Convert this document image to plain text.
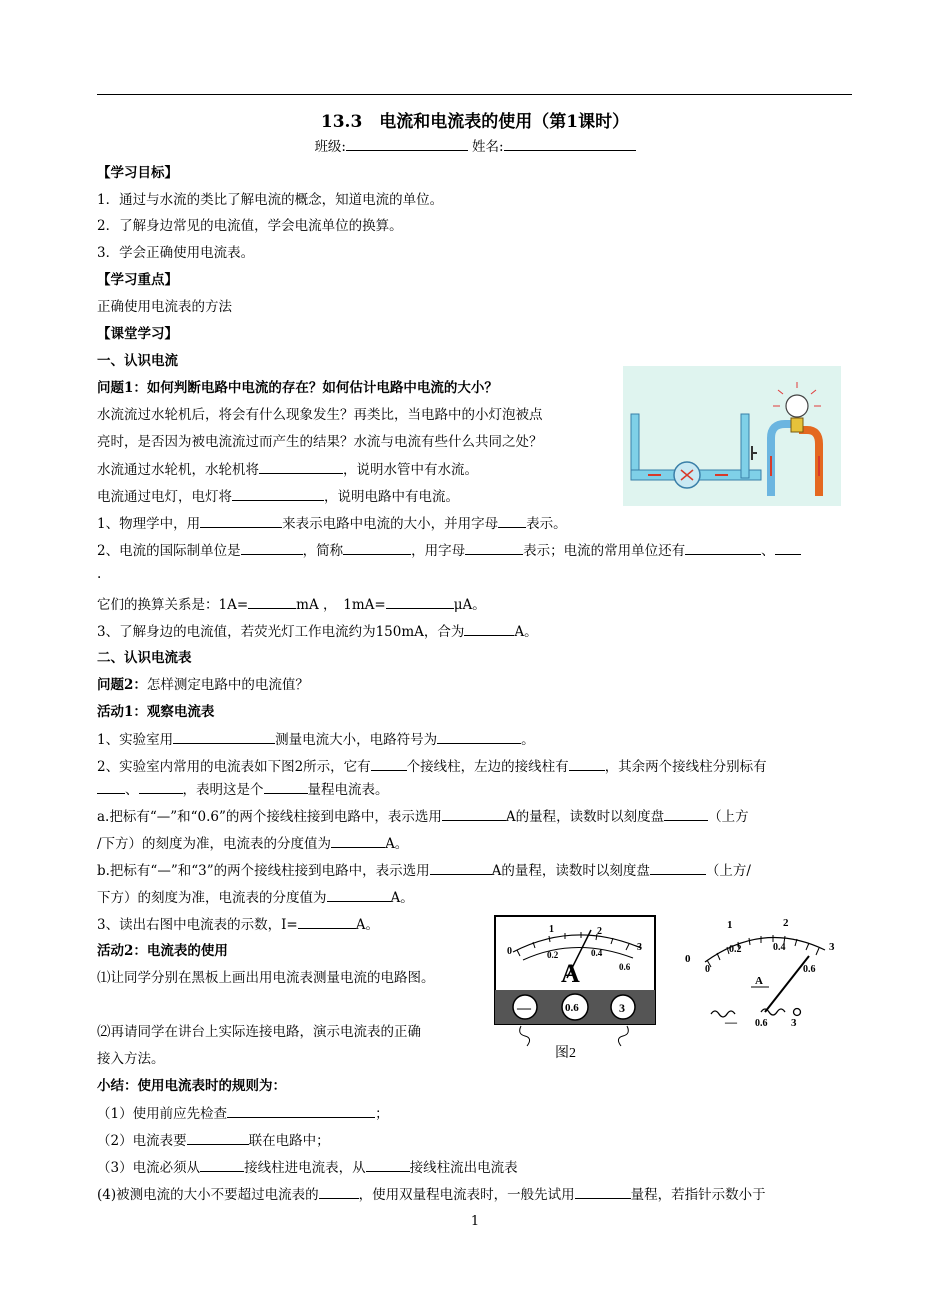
13.3　电流和电流表的使用（第1课时）
班级:	姓名:
【学习目标】
1．通过与水流的类比了解电流的概念，知道电流的单位。
2．了解身边常见的电流值，学会电流单位的换算。
3．学会正确使用电流表。
【学习重点】
正确使用电流表的方法
【课堂学习】
一、认识电流
问题1：如何判断电路中电流的存在？如何估计电路中电流的大小？
水流流过水轮机后，将会有什么现象发生？再类比，当电路中的小灯泡被点
亮时，是否因为被电流流过而产生的结果？水流与电流有些什么共同之处？
水流通过水轮机，水轮机将	，说明水管中有水流。
电流通过电灯，电灯将	，说明电路中有电流。
1、物理学中，用	来表示电路中电流的大小，并用字母 表示。
2、电流的国际制单位是	，简称	，用字母	表示；电流的常用单位还有	、
.
它们的换算关系是：1A=	mA ，　1mA=	μA。
3、了解身边的电流值，若荧光灯工作电流约为150mA，合为	A。
二、认识电流表
问题2：怎样测定电路中的电流值？
活动1：观察电流表
1、实验室用	测量电流大小，电路符号为	。
2、实验室内常用的电流表如下图2所示，它有	个接线柱，左边的接线柱有	，其余两个接线柱分别标有
、	，表明这是个	量程电流表。
a.把标有“—”和“0.6”的两个接线柱接到电路中，表示选用	A的量程，读数时以刻度盘	（上方
/下方）的刻度为准，电流表的分度值为	A。
b.把标有“—”和“3”的两个接线柱接到电路中，表示选用	A的量程，读数时以刻度盘	（上方/
下方）的刻度为准，电流表的分度值为	A。
3、读出右图中电流表的示数，I=	A。
活动2：电流表的使用
⑴让同学分别在黑板上画出用电流表测量电流的电路图。
⑵再请同学在讲台上实际连接电路，演示电流表的正确
接入方法。
0
1	2
3
0.2	0.4
0.6
A
—	0.6	3
图2
0
1	2
3
0
0.2	0.4
0.6
A
— 0.6 3
小结：使用电流表时的规则为：
（1）使用前应先检查	；
（2）电流表要	联在电路中；
（3）电流必须从	接线柱进电流表，从	接线柱流出电流表
(4)被测电流的大小不要超过电流表的	，使用双量程电流表时，一般先试用	量程，若指针示数小于
1
